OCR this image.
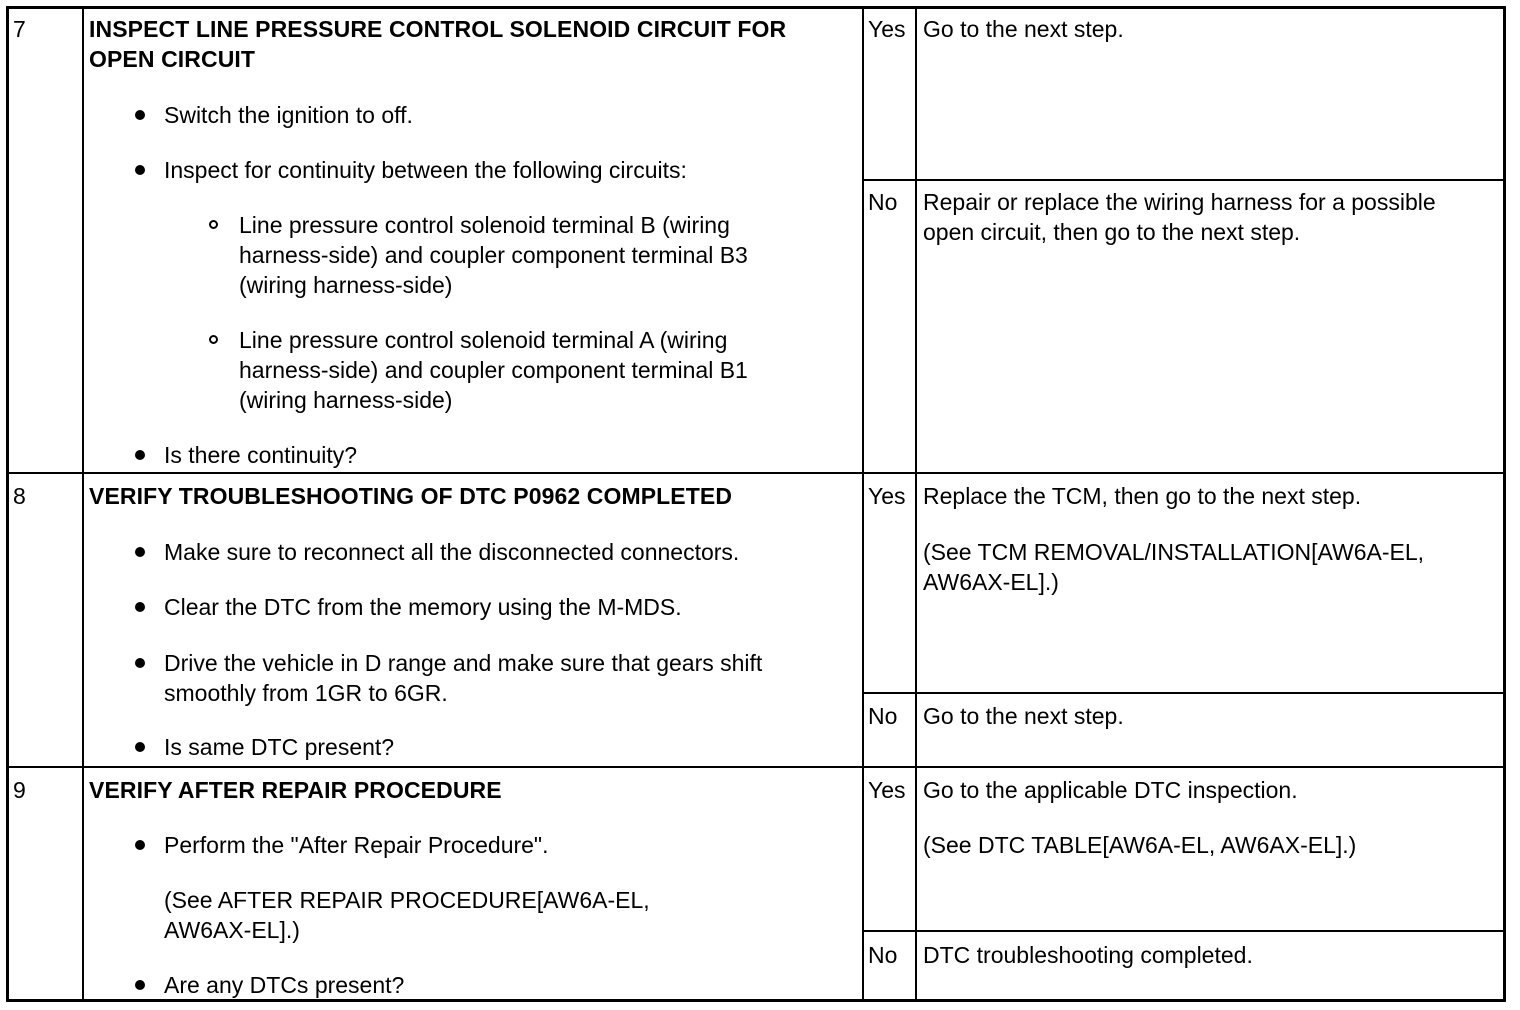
7	INSPECT LINE PRESSURE CONTROL SOLENOID CIRCUIT FOR
OPEN CIRCUIT
Switch the ignition to off.
Inspect for continuity between the following circuits:
Line pressure control solenoid terminal B (wiring
harness-side) and coupler component terminal B3
(wiring harness-side)
Line pressure control solenoid terminal A (wiring
harness-side) and coupler component terminal B1
(wiring harness-side)
Is there continuity?
Yes Go to the next step.
No Repair or replace the wiring harness for a possible
open circuit, then go to the next step.
8	VERIFY TROUBLESHOOTING OF DTC P0962 COMPLETED
Make sure to reconnect all the disconnected connectors.
Clear the DTC from the memory using the M-MDS.
Drive the vehicle in D range and make sure that gears shift
smoothly from 1GR to 6GR.
Is same DTC present?
Yes Replace the TCM, then go to the next step.
(See TCM REMOVAL/INSTALLATION[AW6A-EL,
AW6AX-EL].)
No Go to the next step.
9	VERIFY AFTER REPAIR PROCEDURE
Perform the "After Repair Procedure".
(See AFTER REPAIR PROCEDURE[AW6A-EL,
AW6AX-EL].)
Are any DTCs present?
Yes Go to the applicable DTC inspection.
(See DTC TABLE[AW6A-EL, AW6AX-EL].)
No DTC troubleshooting completed.
